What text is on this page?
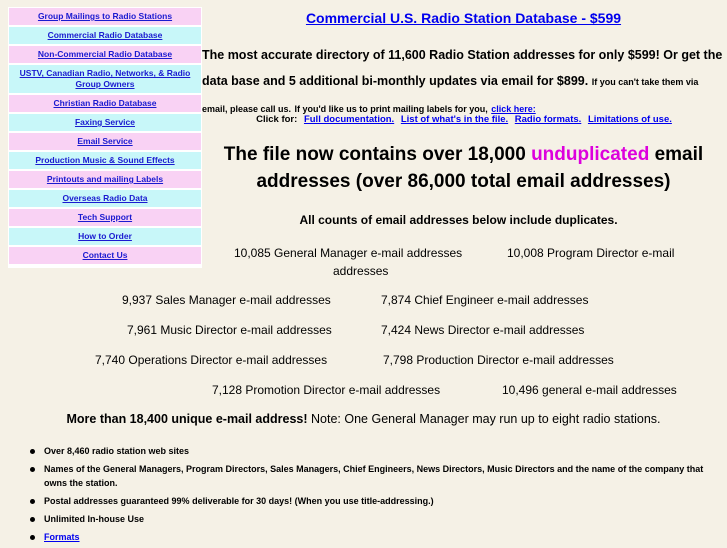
Group Mailings to Radio Stations
Commercial Radio Database
Non-Commercial Radio Database
USTV, Canadian Radio, Networks, & Radio Group Owners
Christian Radio Database
Faxing Service
Email Service
Production Music & Sound Effects
Printouts and mailing Labels
Overseas Radio Data
Tech Support
How to Order
Contact Us
Commercial U.S. Radio Station Database - $599
The most accurate directory of 11,600 Radio Station addresses for only $599! Or get the data base and 5 additional bi-monthly updates via email for $899. If you can't take them via email, please call us. If you'd like us to print mailing labels for you, click here:
Click for: Full documentation. List of what's in the file. Radio formats. Limitations of use.
The file now contains over 18,000 unduplicated email addresses (over 86,000 total email addresses)
All counts of email addresses below include duplicates.
10,085 General Manager e-mail addresses	10,008 Program Director e-mail
addresses
9,937 Sales Manager e-mail addresses	7,874 Chief Engineer e-mail addresses
7,961 Music Director e-mail addresses	7,424 News Director e-mail addresses
7,740 Operations Director e-mail addresses	7,798 Production Director e-mail addresses
7,128 Promotion Director e-mail addresses	10,496 general e-mail addresses
More than 18,400 unique e-mail address! Note: One General Manager may run up to eight radio stations.
Over 8,460 radio station web sites
Names of the General Managers, Program Directors, Sales Managers, Chief Engineers, News Directors, Music Directors and the name of the company that owns the station.
Postal addresses guaranteed 99% deliverable for 30 days! (When you use title-addressing.)
Unlimited In-house Use
Formats
